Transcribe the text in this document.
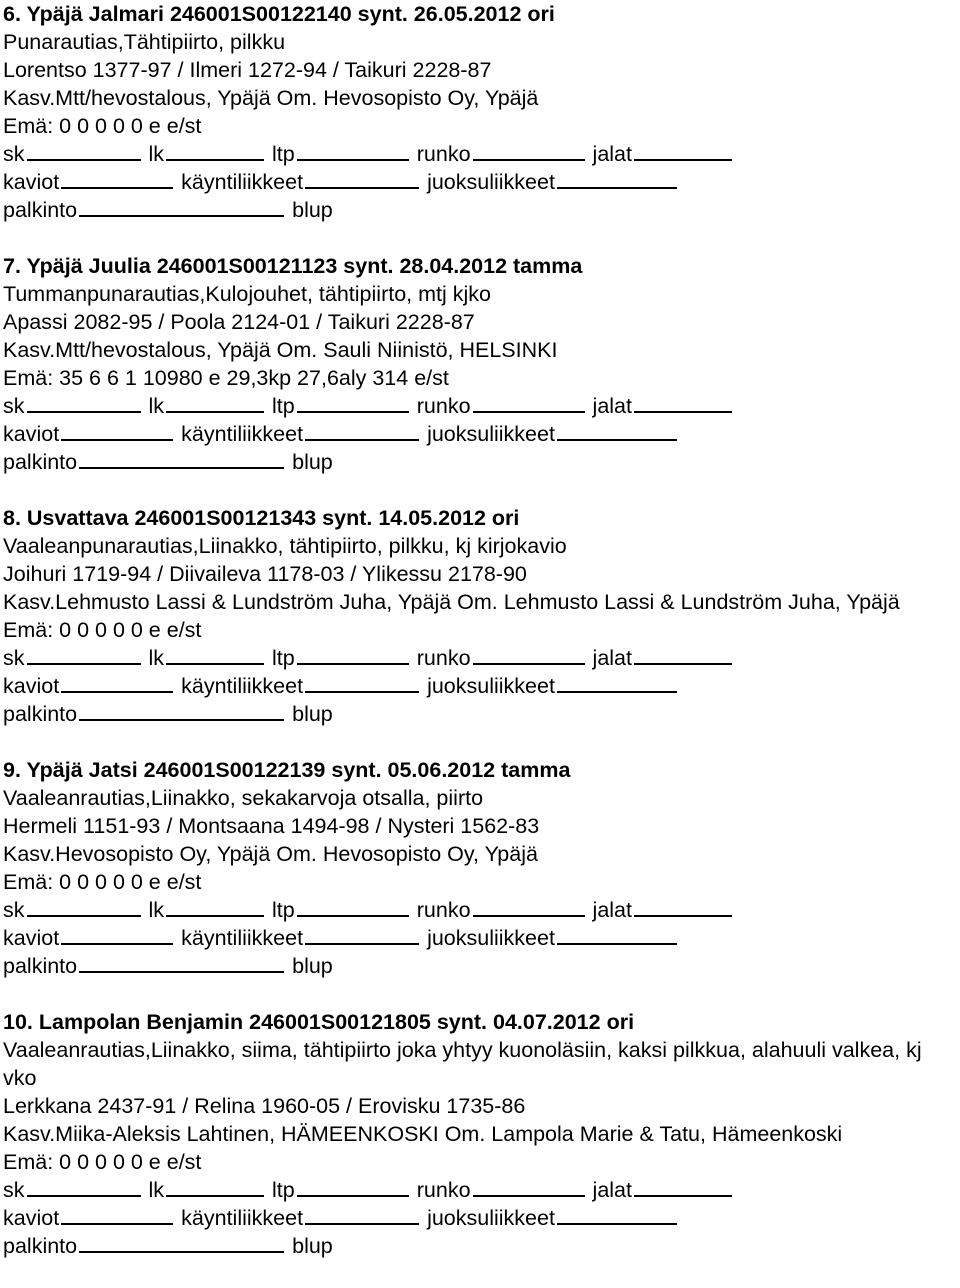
6. Ypäjä Jalmari 246001S00122140 synt. 26.05.2012 ori
Punarautias,Tähtipiirto, pilkku
Lorentso 1377-97 / Ilmeri 1272-94 / Taikuri 2228-87
Kasv.Mtt/hevostalous, Ypäjä Om. Hevosopisto Oy, Ypäjä
Emä: 0 0 0 0 0 e e/st
sk	lk	ltp	runko	jalat
kaviot	käyntiliikkeet	juoksuliikkeet
palkinto	blup
7. Ypäjä Juulia 246001S00121123 synt. 28.04.2012 tamma
Tummanpunarautias,Kulojouhet, tähtipiirto, mtj kjko
Apassi 2082-95 / Poola 2124-01 / Taikuri 2228-87
Kasv.Mtt/hevostalous, Ypäjä Om. Sauli Niinistö, HELSINKI
Emä: 35 6 6 1 10980 e 29,3kp 27,6aly 314 e/st
sk	lk	ltp	runko	jalat
kaviot	käyntiliikkeet	juoksuliikkeet
palkinto	blup
8. Usvattava 246001S00121343 synt. 14.05.2012 ori
Vaaleanpunarautias,Liinakko, tähtipiirto, pilkku, kj kirjokavio
Joihuri 1719-94 / Diivaileva 1178-03 / Ylikessu 2178-90
Kasv.Lehmusto Lassi & Lundström Juha, Ypäjä Om. Lehmusto Lassi & Lundström Juha, Ypäjä
Emä: 0 0 0 0 0 e e/st
sk	lk	ltp	runko	jalat
kaviot	käyntiliikkeet	juoksuliikkeet
palkinto	blup
9. Ypäjä Jatsi 246001S00122139 synt. 05.06.2012 tamma
Vaaleanrautias,Liinakko, sekakarvoja otsalla, piirto
Hermeli 1151-93 / Montsaana 1494-98 / Nysteri 1562-83
Kasv.Hevosopisto Oy, Ypäjä Om. Hevosopisto Oy, Ypäjä
Emä: 0 0 0 0 0 e e/st
sk	lk	ltp	runko	jalat
kaviot	käyntiliikkeet	juoksuliikkeet
palkinto	blup
10. Lampolan Benjamin 246001S00121805 synt. 04.07.2012 ori
Vaaleanrautias,Liinakko, siima, tähtipiirto joka yhtyy kuonoläsiin, kaksi pilkkua, alahuuli valkea, kj vko
Lerkkana 2437-91 / Relina 1960-05 / Erovisku 1735-86
Kasv.Miika-Aleksis Lahtinen, HÄMEENKOSKI Om. Lampola Marie & Tatu, Hämeenkoski
Emä: 0 0 0 0 0 e e/st
sk	lk	ltp	runko	jalat
kaviot	käyntiliikkeet	juoksuliikkeet
palkinto	blup
